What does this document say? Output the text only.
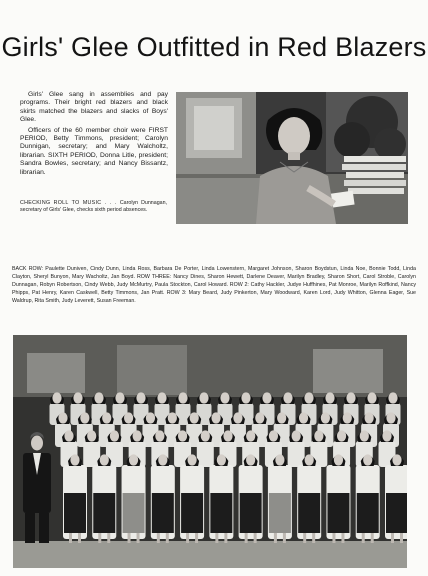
Girls' Glee Outfitted in Red Blazers

Girls' Glee sang in assemblies and pay programs. Their bright red blazers and black skirts matched the blazers and slacks of Boys' Glee.

Officers of the 60 member choir were FIRST PERIOD, Betty Timmons, president; Carolyn Dunnigan, secretary; and Mary Walcholtz, librarian. SIXTH PERIOD, Donna Litle, president; Sandra Bowles, secretary; and Nancy Bissantz, librarian.

CHECKING ROLL TO MUSIC . . . Carolyn Dunnagan, secretary of Girls' Glee, checks sixth period absences.

BACK ROW: Paulette Duniven, Cindy Dunn, Linda Ross, Barbara De Porter, Linda Lowenstern, Margaret Johnson, Sharon Boydstun, Linda Noe, Bonnie Todd, Linda Clayton, Sheryl Bunyon, Mary Wacholtz, Jan Boyd. ROW THREE: Nancy Dines, Sharon Hewett, Darlene Deaver, Marilyn Bradley, Sharon Short, Carol Stroble, Carolyn Dunnagan, Robyn Robertson, Cindy Webb, Judy McMurtry, Paula Stockton, Carol Howard. ROW 2: Cathy Hackler, Judye Huffhines, Pat Monroe, Marilyn Roffkind, Nancy Phipps, Pat Henry, Karen Caskwell, Betty Timmons, Jan Pratt. ROW 3: Mary Beard, Judy Pinkerton, Mary Woodward, Karen Lord, Judy Whitton, Glenna Eager, Sue Waldrup, Rita Smith, Judy Leverett, Susan Freeman.
